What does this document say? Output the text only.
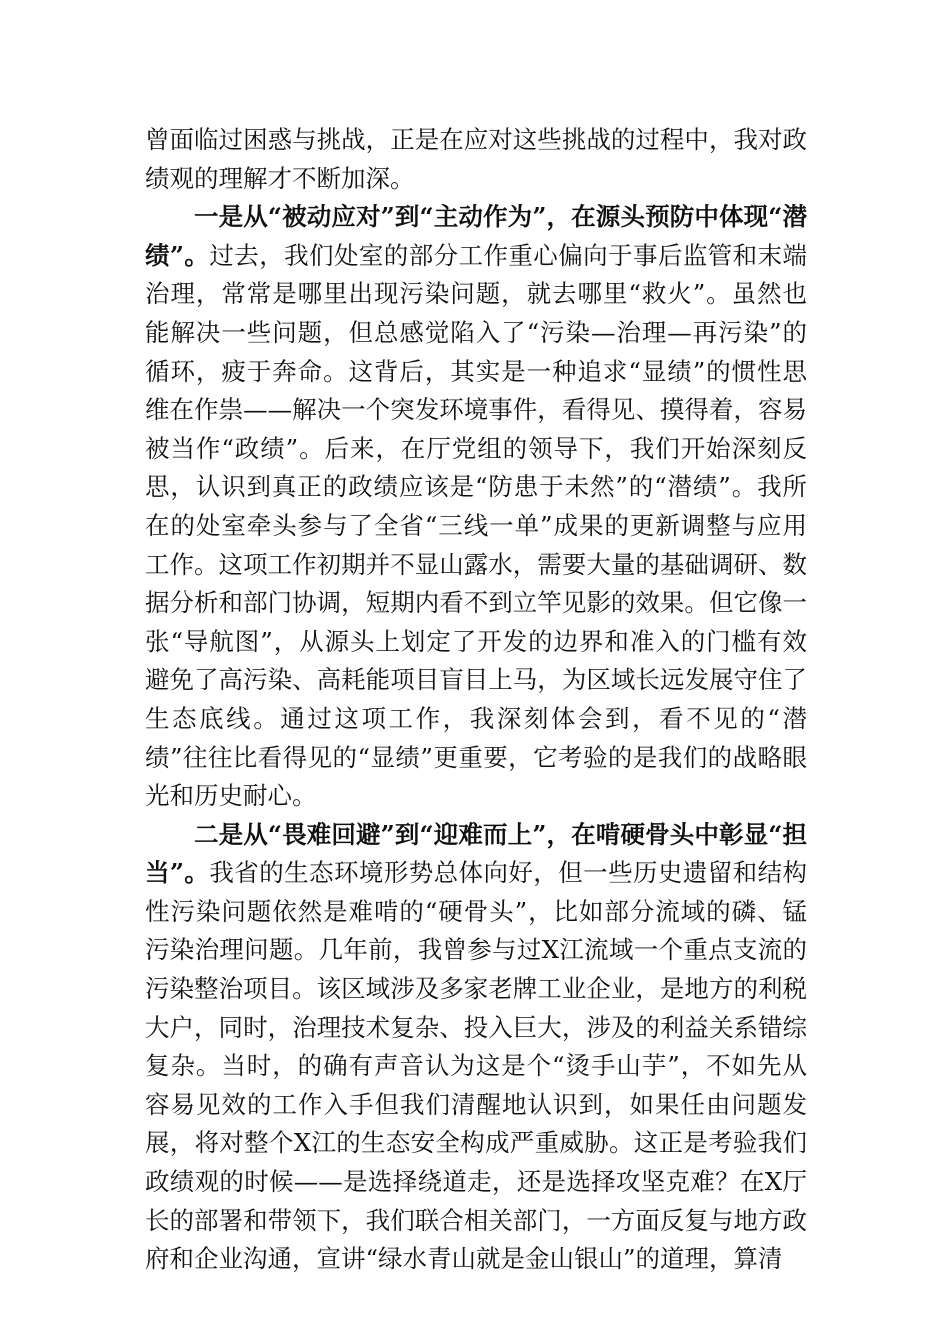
曾面临过困惑与挑战，正是在应对这些挑战的过程中，我对政绩观的理解才不断加深。

一是从“被动应对”到“主动作为”，在源头预防中体现“潜绩”。过去，我们处室的部分工作重心偏向于事后监管和末端治理，常常是哪里出现污染问题，就去哪里“救火”。虽然也能解决一些问题，但总感觉陷入了“污染—治理—再污染”的循环，疲于奔命。这背后，其实是一种追求“显绩”的惯性思维在作祟——解决一个突发环境事件，看得见、摸得着，容易被当作“政绩”。后来，在厅党组的领导下，我们开始深刻反思，认识到真正的政绩应该是“防患于未然”的“潜绩”。我所在的处室牵头参与了全省“三线一单”成果的更新调整与应用工作。这项工作初期并不显山露水，需要大量的基础调研、数据分析和部门协调，短期内看不到立竿见影的效果。但它像一张“导航图”，从源头上划定了开发的边界和准入的门槛有效避免了高污染、高耗能项目盲目上马，为区域长远发展守住了生态底线。通过这项工作，我深刻体会到，看不见的“潜绩”往往比看得见的“显绩”更重要，它考验的是我们的战略眼光和历史耐心。

二是从“畏难回避”到“迎难而上”，在啃硬骨头中彰显“担当”。我省的生态环境形势总体向好，但一些历史遗留和结构性污染问题依然是难啃的“硬骨头”，比如部分流域的磷、锰污染治理问题。几年前，我曾参与过X江流域一个重点支流的污染整治项目。该区域涉及多家老牌工业企业，是地方的利税大户，同时，治理技术复杂、投入巨大，涉及的利益关系错综复杂。当时，的确有声音认为这是个“烫手山芋”，不如先从容易见效的工作入手但我们清醒地认识到，如果任由问题发展，将对整个X江的生态安全构成严重威胁。这正是考验我们政绩观的时候——是选择绕道走，还是选择攻坚克难？在X厅长的部署和带领下，我们联合相关部门，一方面反复与地方政府和企业沟通，宣讲“绿水青山就是金山银山”的道理，算清
